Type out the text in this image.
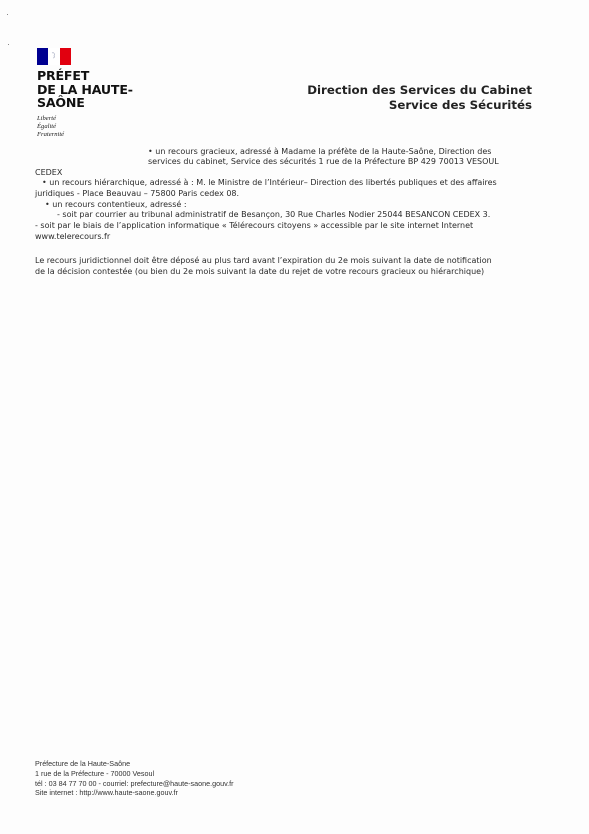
PRÉFET
DE LA HAUTE-
SAÔNE
Liberté
Égalité
Fraternité
Direction des Services du Cabinet
Service des Sécurités
• un recours gracieux, adressé à Madame la préfète de la Haute-Saône, Direction des
services du cabinet, Service des sécurités 1 rue de la Préfecture BP 429 70013 VESOUL
CEDEX
• un recours hiérarchique, adressé à : M. le Ministre de l’Intérieur– Direction des libertés publiques et des affaires
juridiques - Place Beauvau – 75800 Paris cedex 08.
• un recours contentieux, adressé :
- soit par courrier au tribunal administratif de Besançon, 30 Rue Charles Nodier 25044 BESANCON CEDEX 3.
- soit par le biais de l’application informatique « Télérecours citoyens » accessible par le site internet Internet
www.telerecours.fr
Le recours juridictionnel doit être déposé au plus tard avant l’expiration du 2e mois suivant la date de notification
de la décision contestée (ou bien du 2e mois suivant la date du rejet de votre recours gracieux ou hiérarchique)
Préfecture de la Haute-Saône
1 rue de la Préfecture - 70000 Vesoul
tél : 03 84 77 70 00 - courriel: prefecture@haute-saone.gouv.fr
Site internet : http://www.haute-saone.gouv.fr
